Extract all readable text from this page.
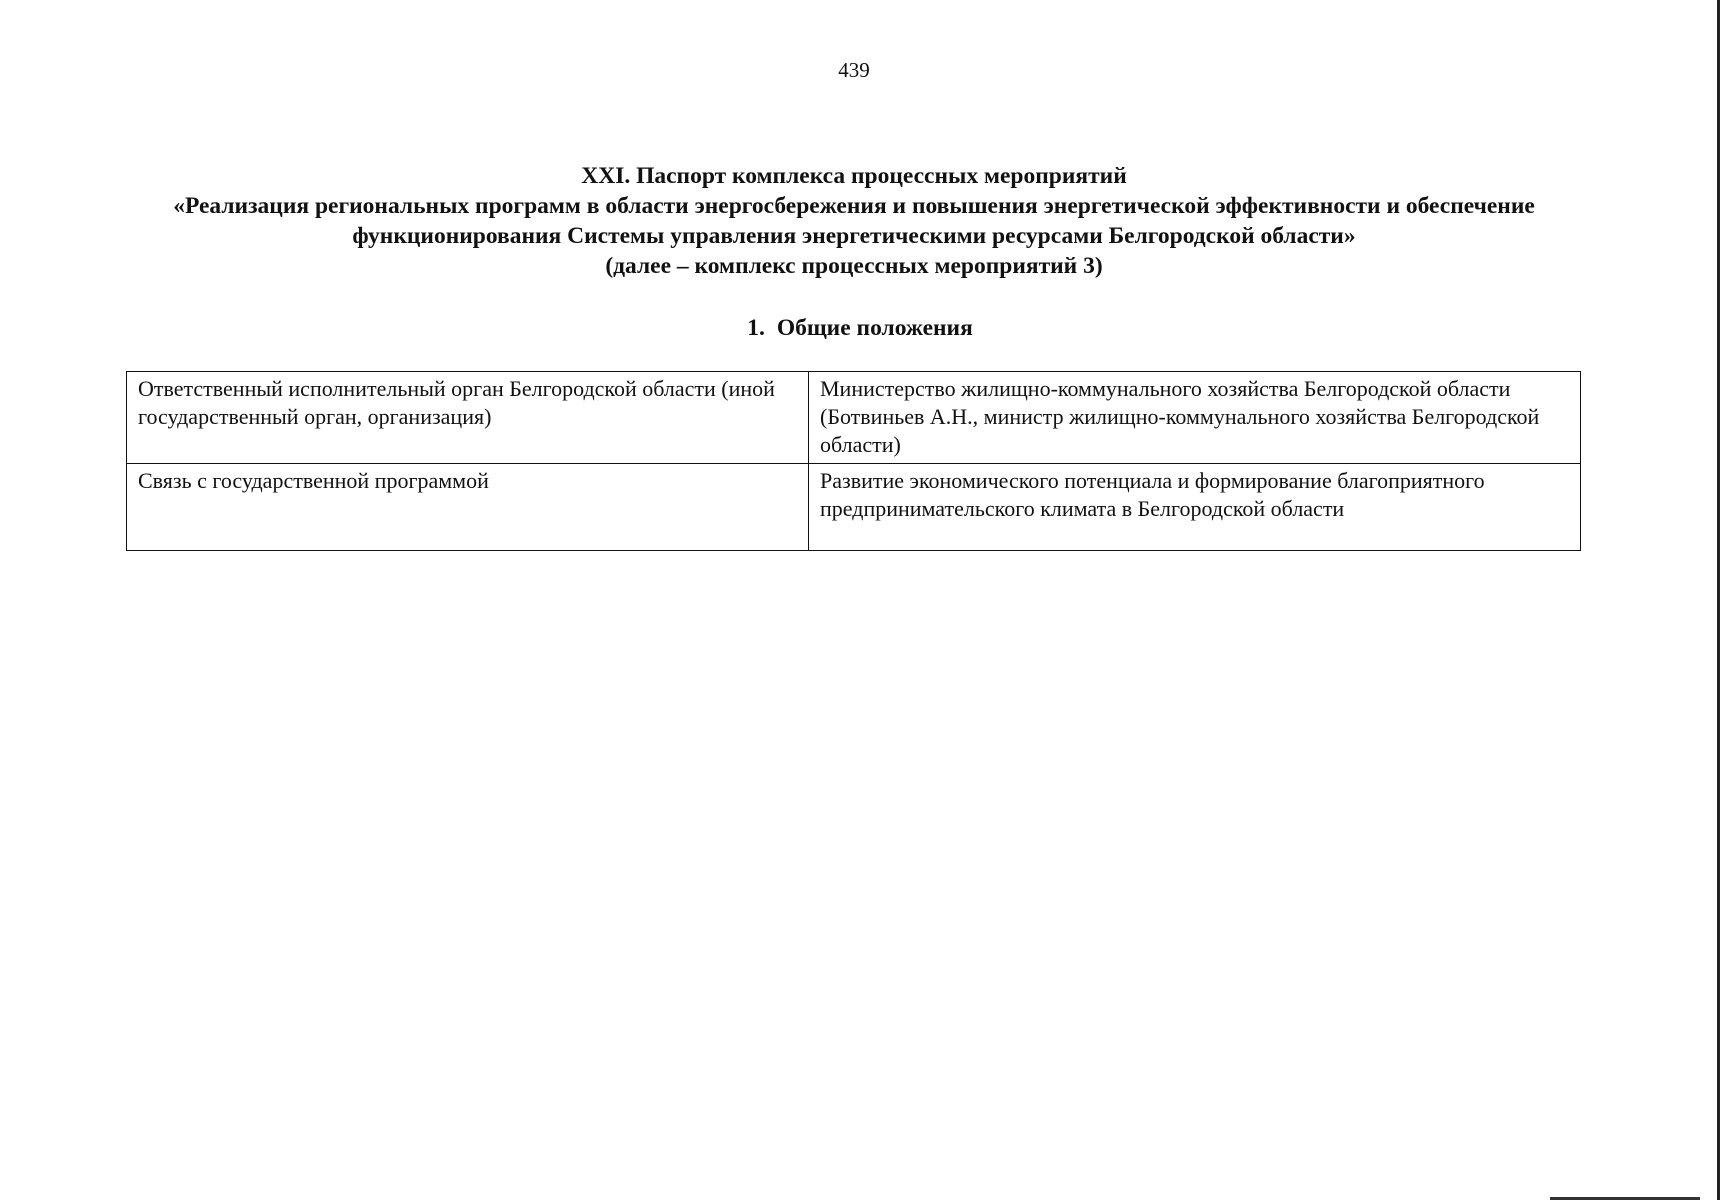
439
XXI. Паспорт комплекса процессных мероприятий
«Реализация региональных программ в области энергосбережения и повышения энергетической эффективности и обеспечение
функционирования Системы управления энергетическими ресурсами Белгородской области»
(далее – комплекс процессных мероприятий 3)
1. Общие положения
Ответственный исполнительный орган Белгородской области (иной государственный орган, организация)	Министерство жилищно-коммунального хозяйства Белгородской области (Ботвиньев А.Н., министр жилищно-коммунального хозяйства Белгородской области)
Связь с государственной программой	Развитие экономического потенциала и формирование благоприятного предпринимательского климата в Белгородской области
